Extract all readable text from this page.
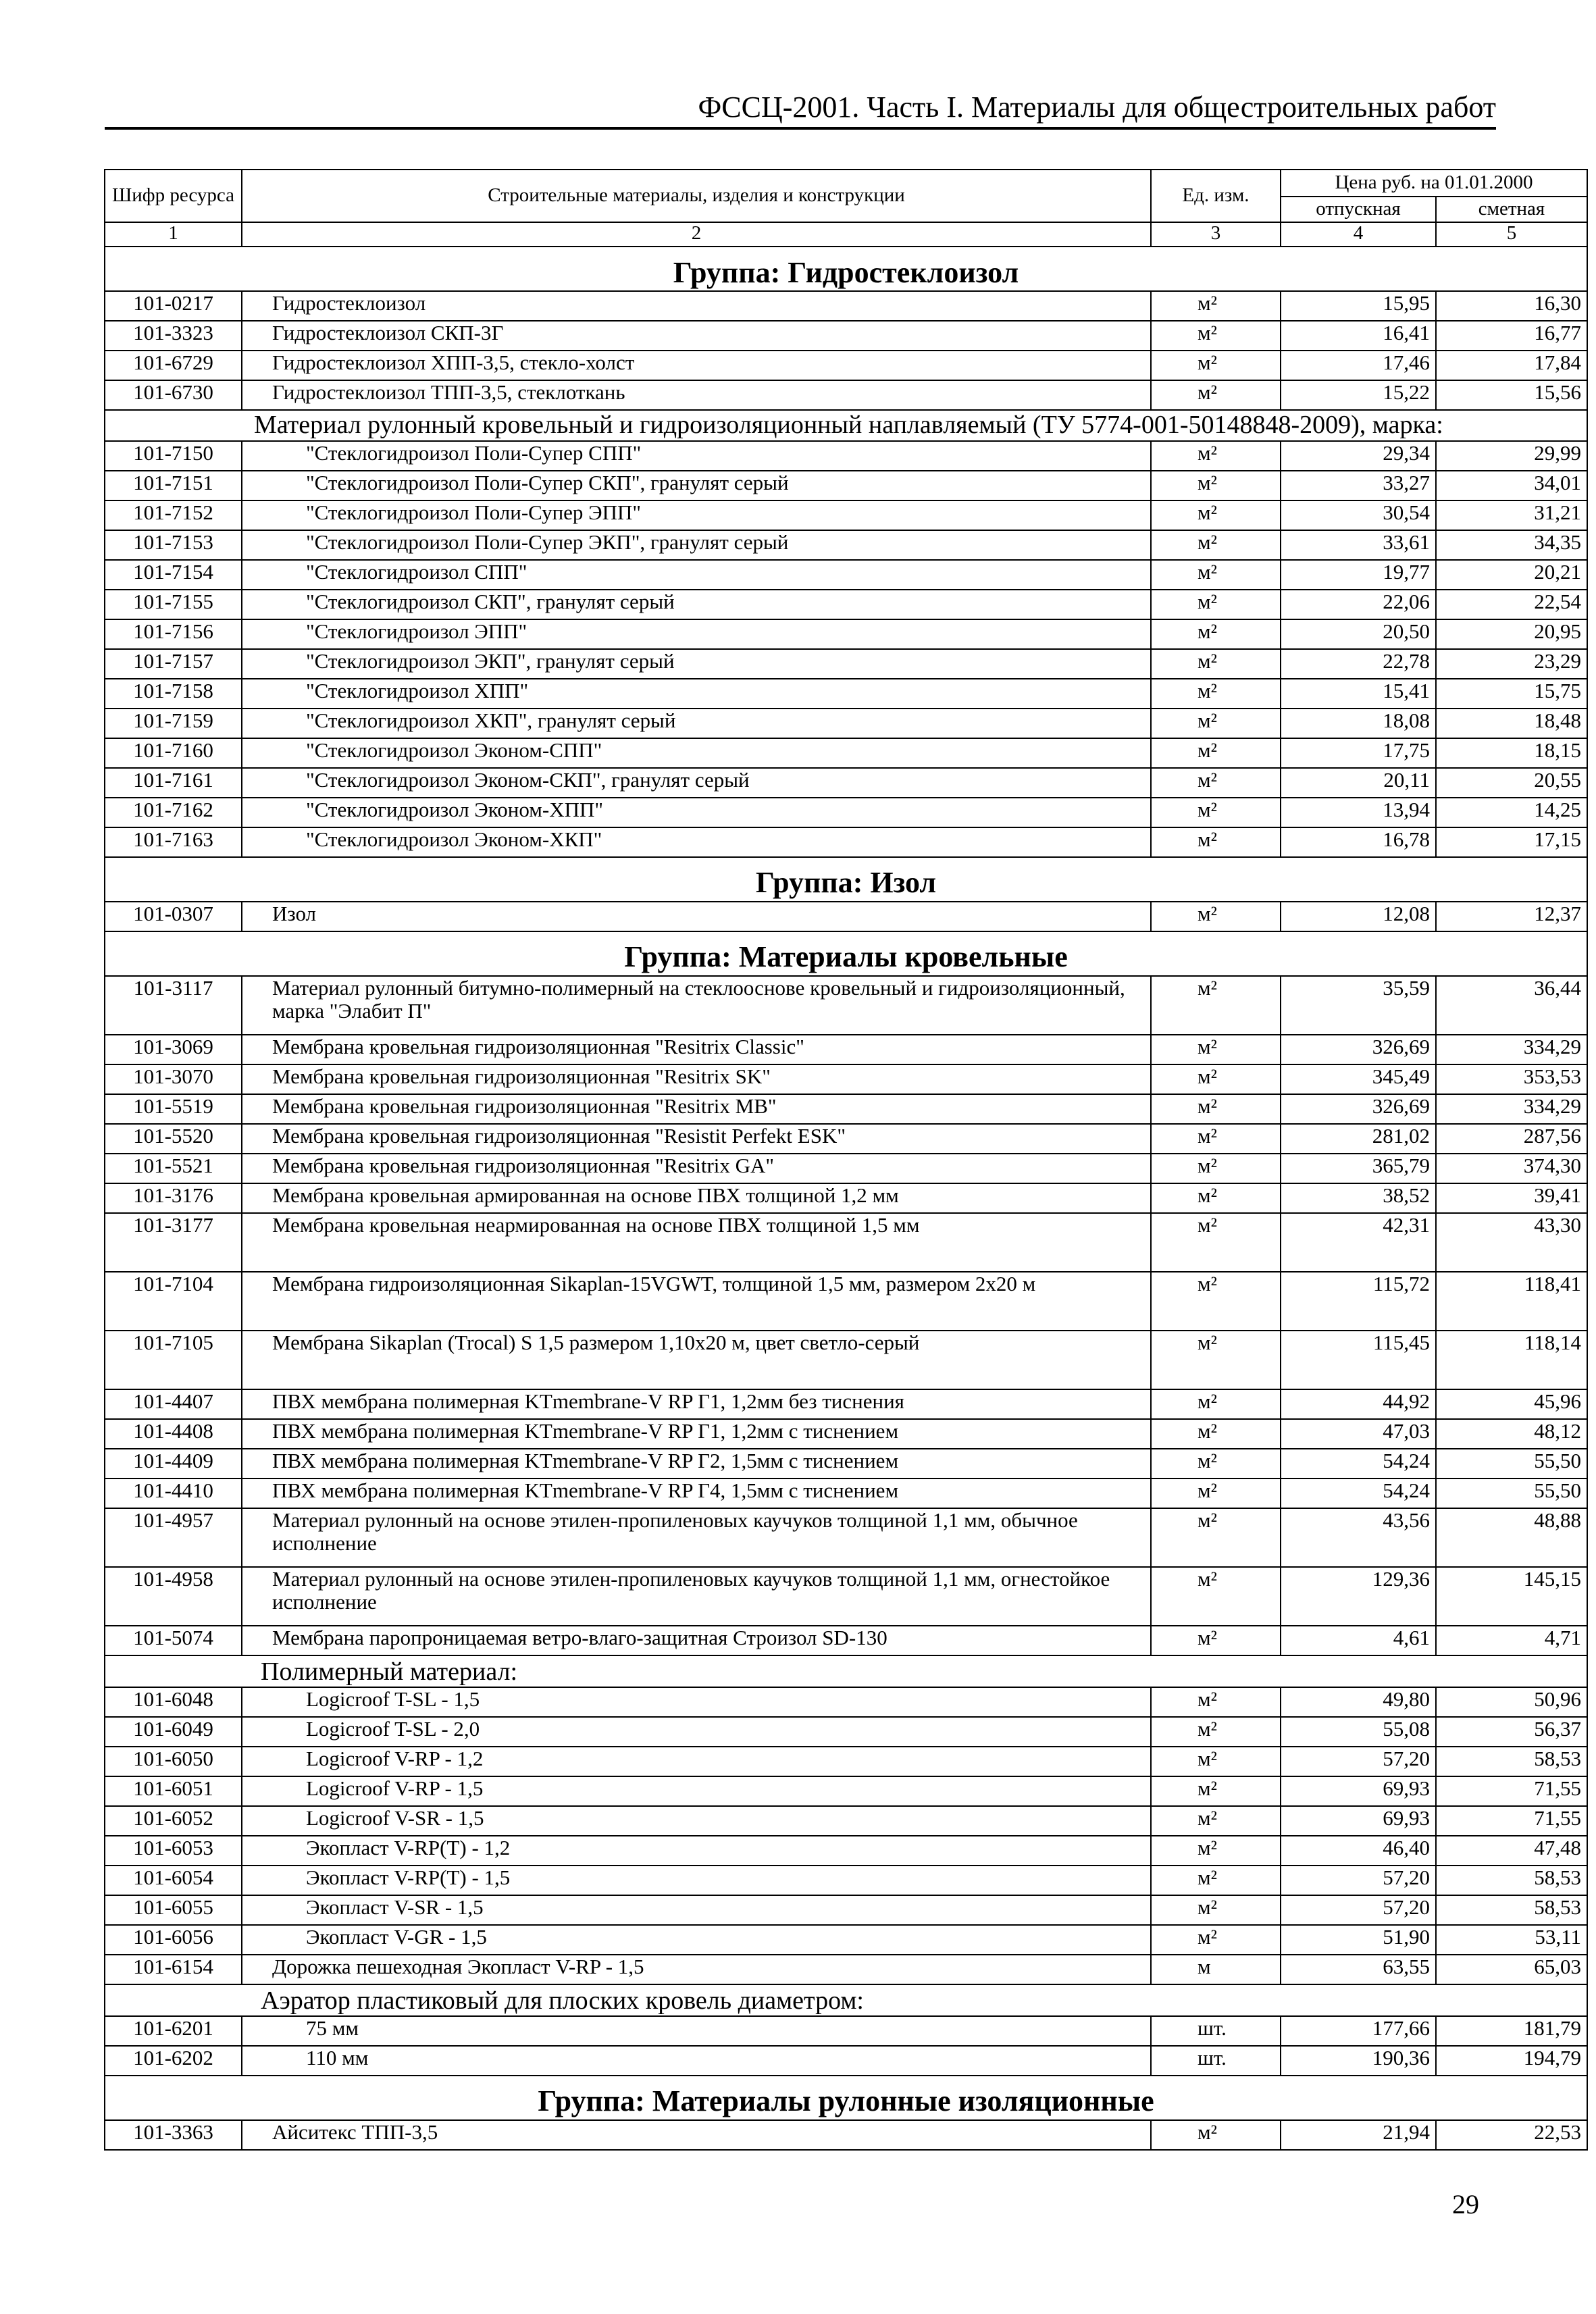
ФССЦ-2001. Часть I. Материалы для общестроительных работ
Шифр ресурса	Строительные материалы, изделия и конструкции	Ед. изм.	Цена руб. на 01.01.2000	
			отпускная	сметная
1	2	3	4	5
Группа: Гидростеклоизол				
101-0217	Гидростеклоизол	м²	15,95	16,30
101-3323	Гидростеклоизол СКП-3Г	м²	16,41	16,77
101-6729	Гидростеклоизол ХПП-3,5, стекло-холст	м²	17,46	17,84
101-6730	Гидростеклоизол ТПП-3,5, стеклоткань	м²	15,22	15,56
Материал рулонный кровельный и гидроизоляционный наплавляемый (ТУ 5774-001-50148848-2009), марка:				
101-7150	"Стеклогидроизол Поли-Супер СПП"	м²	29,34	29,99
101-7151	"Стеклогидроизол Поли-Супер СКП", гранулят серый	м²	33,27	34,01
101-7152	"Стеклогидроизол Поли-Супер ЭПП"	м²	30,54	31,21
101-7153	"Стеклогидроизол Поли-Супер ЭКП", гранулят серый	м²	33,61	34,35
101-7154	"Стеклогидроизол СПП"	м²	19,77	20,21
101-7155	"Стеклогидроизол СКП", гранулят серый	м²	22,06	22,54
101-7156	"Стеклогидроизол ЭПП"	м²	20,50	20,95
101-7157	"Стеклогидроизол ЭКП", гранулят серый	м²	22,78	23,29
101-7158	"Стеклогидроизол ХПП"	м²	15,41	15,75
101-7159	"Стеклогидроизол ХКП", гранулят серый	м²	18,08	18,48
101-7160	"Стеклогидроизол Эконом-СПП"	м²	17,75	18,15
101-7161	"Стеклогидроизол Эконом-СКП", гранулят серый	м²	20,11	20,55
101-7162	"Стеклогидроизол Эконом-ХПП"	м²	13,94	14,25
101-7163	"Стеклогидроизол Эконом-ХКП"	м²	16,78	17,15
Группа: Изол				
101-0307	Изол	м²	12,08	12,37
Группа: Материалы кровельные				
101-3117	Материал рулонный битумно-полимерный на стеклоосновe кровельный и гидроизоляционный, марка "Элабит П"	м²	35,59	36,44
101-3069	Мембрана кровельная гидроизоляционная "Resitrix Classic"	м²	326,69	334,29
101-3070	Мембрана кровельная гидроизоляционная "Resitrix SK"	м²	345,49	353,53
101-5519	Мембрана кровельная гидроизоляционная "Resitrix MB"	м²	326,69	334,29
101-5520	Мембрана кровельная гидроизоляционная "Resistit Perfekt ESK"	м²	281,02	287,56
101-5521	Мембрана кровельная гидроизоляционная "Resitrix GA"	м²	365,79	374,30
101-3176	Мембрана кровельная армированная на основе ПВХ толщиной 1,2 мм	м²	38,52	39,41
101-3177	Мембрана кровельная неармированная на основе ПВХ толщиной 1,5 мм	м²	42,31	43,30
101-7104	Мембрана гидроизоляционная Sikaplan-15VGWT, толщиной 1,5 мм, размером 2х20 м	м²	115,72	118,41
101-7105	Мембрана Sikaplan (Trocal) S 1,5 размером 1,10х20 м, цвет светло-серый	м²	115,45	118,14
101-4407	ПВХ мембрана полимерная KTmembrane-V RP Г1, 1,2мм без тиснения	м²	44,92	45,96
101-4408	ПВХ мембрана полимерная KTmembrane-V RP Г1, 1,2мм с тиснением	м²	47,03	48,12
101-4409	ПВХ мембрана полимерная KTmembrane-V RP Г2, 1,5мм с тиснением	м²	54,24	55,50
101-4410	ПВХ мембрана полимерная KTmembrane-V RP Г4, 1,5мм с тиснением	м²	54,24	55,50
101-4957	Материал рулонный на основе этилен-пропиленовых каучуков толщиной 1,1 мм, обычное исполнение	м²	43,56	48,88
101-4958	Материал рулонный на основе этилен-пропиленовых каучуков толщиной 1,1 мм, огнестойкое исполнение	м²	129,36	145,15
101-5074	Мембрана паропроницаемая ветро-влаго-защитная Строизол SD-130	м²	4,61	4,71
Полимерный материал:				
101-6048	Logicroof T-SL - 1,5	м²	49,80	50,96
101-6049	Logicroof T-SL - 2,0	м²	55,08	56,37
101-6050	Logicroof V-RP - 1,2	м²	57,20	58,53
101-6051	Logicroof V-RP - 1,5	м²	69,93	71,55
101-6052	Logicroof V-SR - 1,5	м²	69,93	71,55
101-6053	Экопласт V-RP(T) - 1,2	м²	46,40	47,48
101-6054	Экопласт V-RP(T) - 1,5	м²	57,20	58,53
101-6055	Экопласт V-SR - 1,5	м²	57,20	58,53
101-6056	Экопласт V-GR - 1,5	м²	51,90	53,11
101-6154	Дорожка пешеходная Экопласт V-RP - 1,5	м	63,55	65,03
Аэратор пластиковый для плоских кровель диаметром:				
101-6201	75 мм	шт.	177,66	181,79
101-6202	110 мм	шт.	190,36	194,79
Группа: Материалы рулонные изоляционные				
101-3363	Айситекс ТПП-3,5	м²	21,94	22,53
29
